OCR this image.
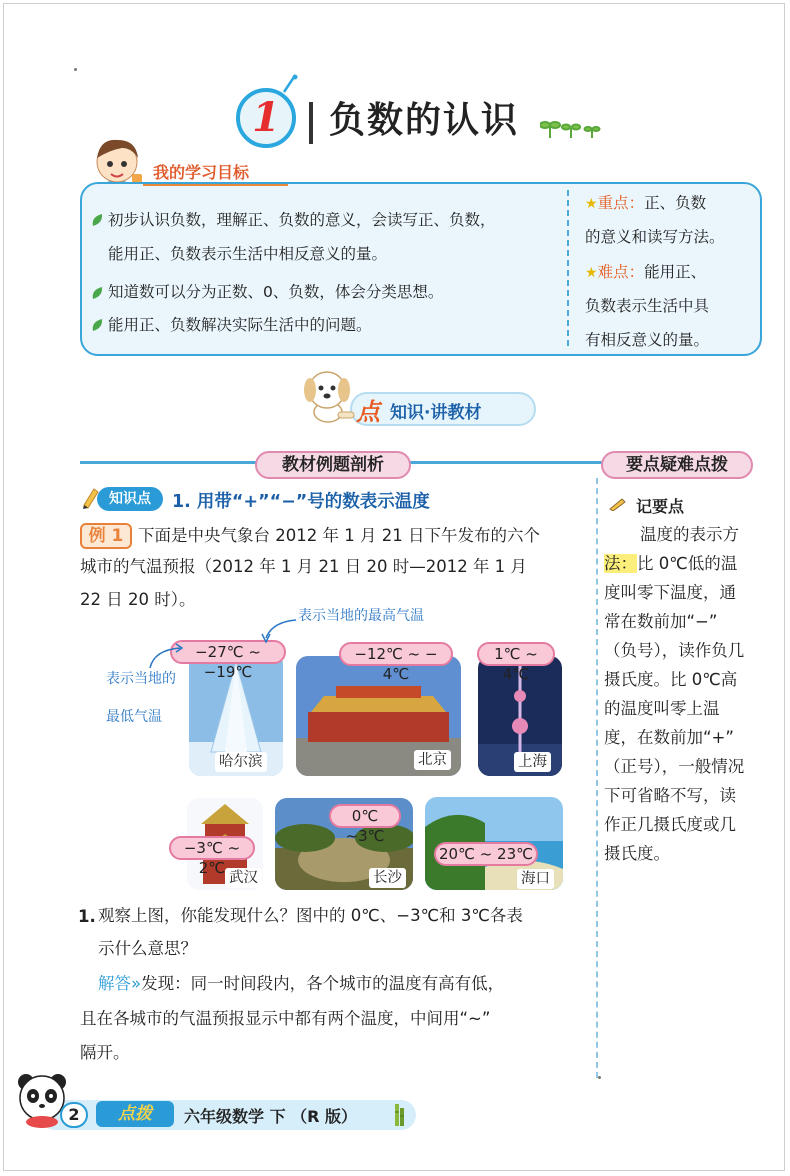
1	负数的认识
我的学习目标
初步认识负数，理解正、负数的意义，会读写正、负数，
能用正、负数表示生活中相反意义的量。
知道数可以分为正数、0、负数，体会分类思想。
能用正、负数解决实际生活中的问题。
★重点：正、负数
的意义和读写方法。
★难点：能用正、
负数表示生活中具
有相反意义的量。
点 知识·讲教材
教材例题剖析	要点疑难点拨
知识点	1. 用带“+”“−”号的数表示温度
例 1 下面是中央气象台 2012 年 1 月 21 日下午发布的六个
城市的气温预报（2012 年 1 月 21 日 20 时—2012 年 1 月
22 日 20 时）。
哈尔滨	北京	上海
−27℃ ~ −19℃
−12℃ ~ − 4℃
1℃ ~ 4℃
表示当地的最高气温
表示当地的
最低气温
武汉	长沙	海口
−3℃ ~ 2℃
0℃ ~3℃
20℃ ~ 23℃
1. 观察上图，你能发现什么？图中的 0℃、−3℃和 3℃各表
示什么意思？
解答»发现：同一时间段内，各个城市的温度有高有低，
且在各城市的气温预报显示中都有两个温度，中间用“~”
隔开。
记要点
温度的表示方
法：比 0℃低的温
度叫零下温度，通
常在数前加“−”
（负号），读作负几
摄氏度。比 0℃高
的温度叫零上温
度，在数前加“+”
（正号），一般情况
下可省略不写，读
作正几摄氏度或几
摄氏度。
2	点拨	六年级数学 下 （R 版）
